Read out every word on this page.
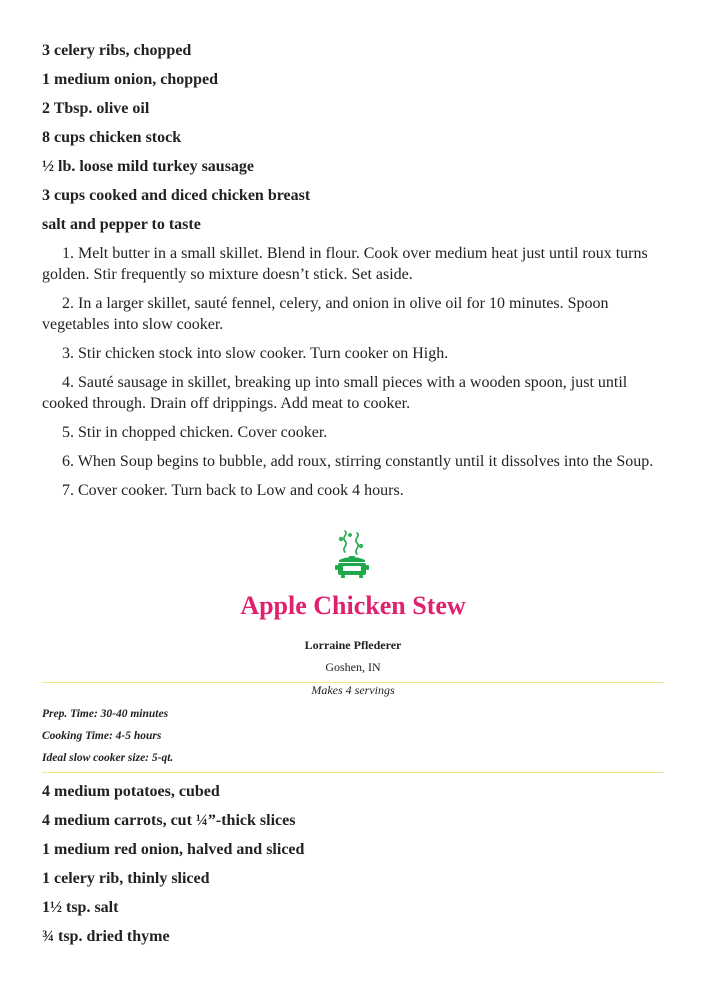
3 celery ribs, chopped
1 medium onion, chopped
2 Tbsp. olive oil
8 cups chicken stock
½ lb. loose mild turkey sausage
3 cups cooked and diced chicken breast
salt and pepper to taste

1. Melt butter in a small skillet. Blend in flour. Cook over medium heat just until roux turns golden. Stir frequently so mixture doesn’t stick. Set aside.

2. In a larger skillet, sauté fennel, celery, and onion in olive oil for 10 minutes. Spoon vegetables into slow cooker.

3. Stir chicken stock into slow cooker. Turn cooker on High.

4. Sauté sausage in skillet, breaking up into small pieces with a wooden spoon, just until cooked through. Drain off drippings. Add meat to cooker.

5. Stir in chopped chicken. Cover cooker.

6. When Soup begins to bubble, add roux, stirring constantly until it dissolves into the Soup.

7. Cover cooker. Turn back to Low and cook 4 hours.

Apple Chicken Stew
Lorraine Pflederer
Goshen, IN
Makes 4 servings
Prep. Time: 30-40 minutes
Cooking Time: 4-5 hours
Ideal slow cooker size: 5-qt.
4 medium potatoes, cubed
4 medium carrots, cut ¼”-thick slices
1 medium red onion, halved and sliced
1 celery rib, thinly sliced
1½ tsp. salt
¾ tsp. dried thyme
